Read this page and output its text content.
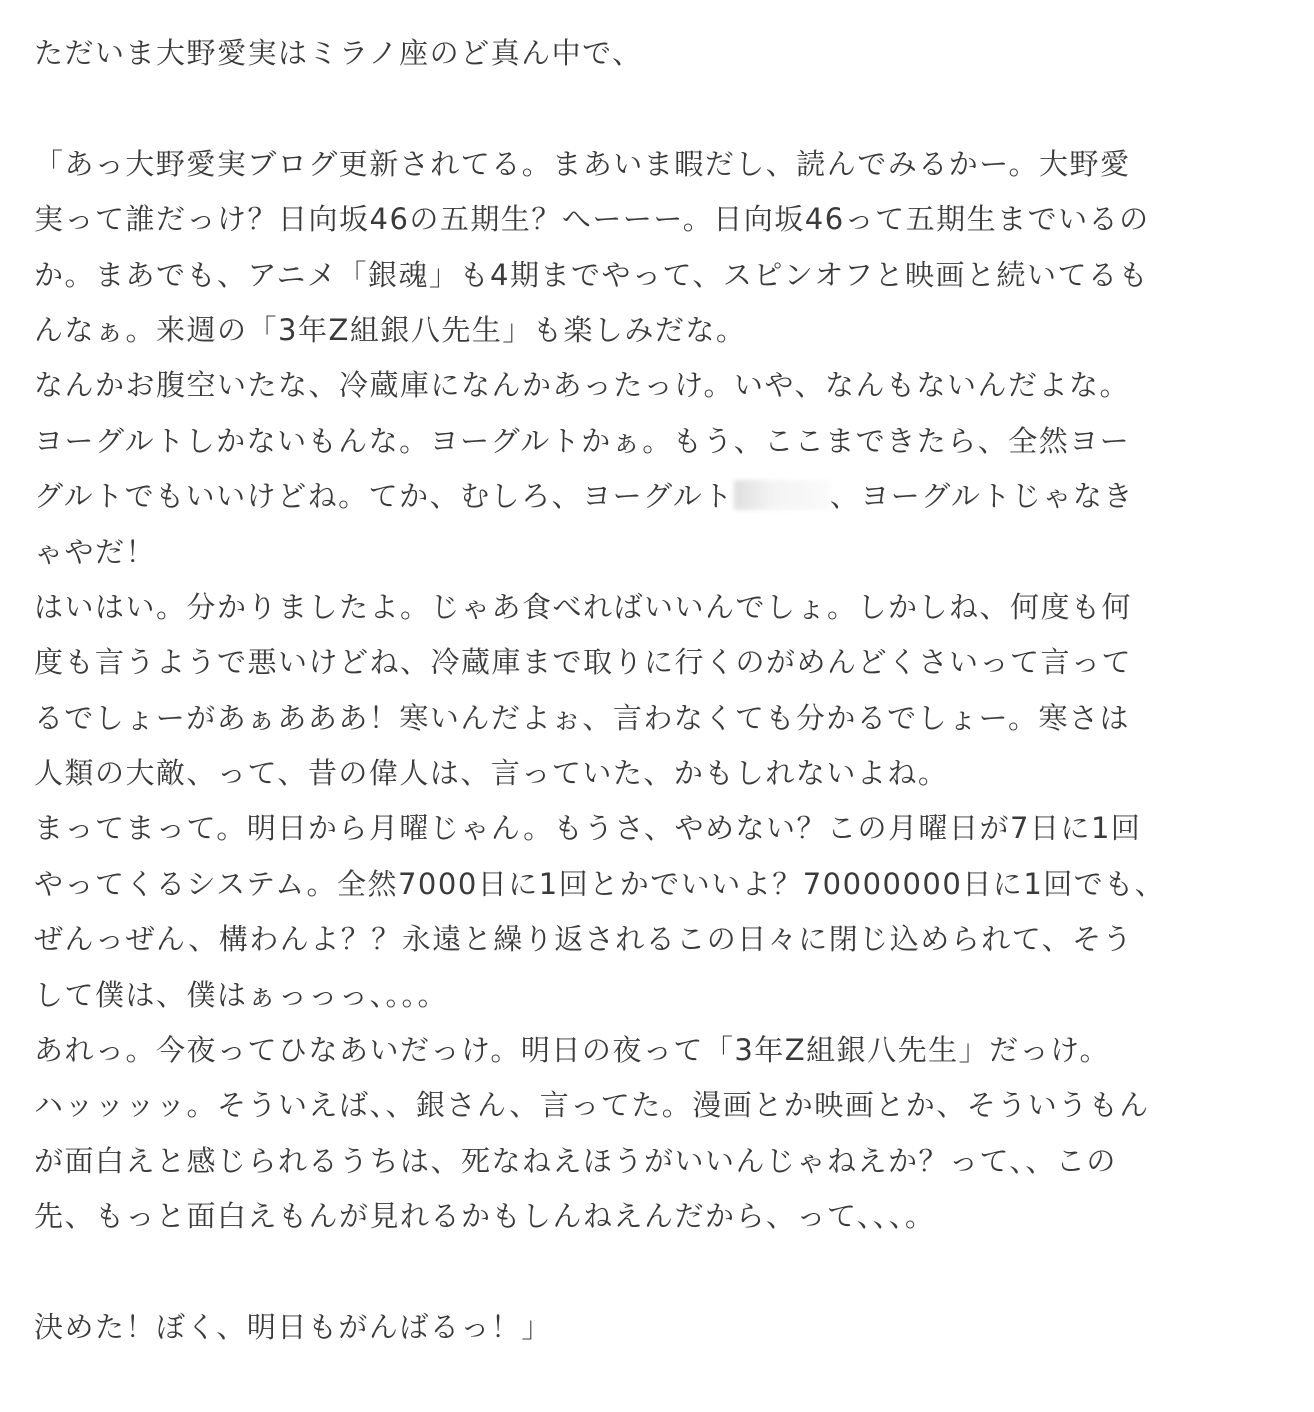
ただいま大野愛実はミラノ座のど真ん中で、
「あっ大野愛実ブログ更新されてる。まあいま暇だし、読んでみるかー。大野愛
実って誰だっけ？日向坂46の五期生？へーーー。日向坂46って五期生までいるの
か。まあでも、アニメ「銀魂」も4期までやって、スピンオフと映画と続いてるも
んなぁ。来週の「3年Z組銀八先生」も楽しみだな。
なんかお腹空いたな、冷蔵庫になんかあったっけ。いや、なんもないんだよな。
ヨーグルトしかないもんな。ヨーグルトかぁ。もう、ここまできたら、全然ヨー
グルトでもいいけどね。てか、むしろ、ヨーグルト	、ヨーグルトじゃなき
ゃやだ！
はいはい。分かりましたよ。じゃあ食べればいいんでしょ。しかしね、何度も何
度も言うようで悪いけどね、冷蔵庫まで取りに行くのがめんどくさいって言って
るでしょーがあぁあああ！寒いんだよぉ、言わなくても分かるでしょー。寒さは
人類の大敵、って、昔の偉人は、言っていた、かもしれないよね。
まってまって。明日から月曜じゃん。もうさ、やめない？この月曜日が7日に1回
やってくるシステム。全然7000日に1回とかでいいよ？70000000日に1回でも、
ぜんっぜん、構わんよ？？永遠と繰り返されるこの日々に閉じ込められて、そう
して僕は、僕はぁっっっ、。。。
あれっ。今夜ってひなあいだっけ。明日の夜って「3年Z組銀八先生」だっけ。
ハッッッッ。そういえば、、銀さん、言ってた。漫画とか映画とか、そういうもん
が面白えと感じられるうちは、死なねえほうがいいんじゃねえか？って、、この
先、もっと面白えもんが見れるかもしんねえんだから、って、、、。
決めた！ぼく、明日もがんばるっ！」
